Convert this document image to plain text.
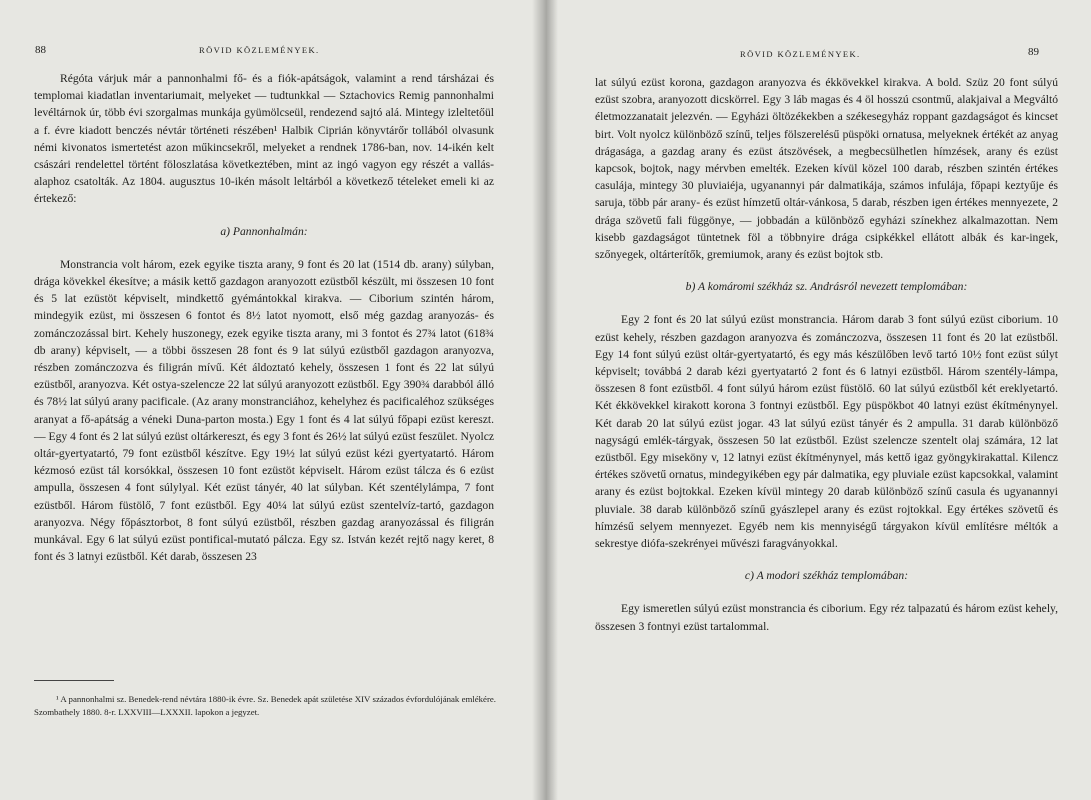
88	RÖVID KÖZLEMÉNYEK.

Régóta várjuk már a pannonhalmi fő- és a fiók-apátságok, valamint a rend társházai és templomai kiadatlan inventariumait, melyeket — tudtunkkal — Sztachovics Remig pannonhalmi levéltárnok úr, több évi szorgalmas munkája gyümölcseül, rendezend sajtó alá. Mintegy izleltetőül a f. évre kiadott benczés névtár történeti részében¹ Halbik Ciprián könyvtárőr tollából olvasunk némi kivonatos ismertetést azon műkincsekről, melyeket a rendnek 1786-ban, nov. 14-ikén kelt császári rendelettel történt föloszlatása következtében, mint az ingó vagyon egy részét a vallás-alaphoz csatolták. Az 1804. augusztus 10-ikén másolt leltárból a következő tételeket emeli ki az értekező:

a) Pannonhalmán:

Monstrancia volt három, ezek egyike tiszta arany, 9 font és 20 lat (1514 db. arany) súlyban, drága kövekkel ékesítve; a másik kettő gazdagon aranyozott ezüstből készült, mi összesen 10 font és 5 lat ezüstöt képviselt, mindkettő gyémántokkal kirakva. — Ciborium szintén három, mindegyik ezüst, mi összesen 6 fontot és 8½ latot nyomott, első még gazdag aranyozás- és zománczozással birt. Kehely huszonegy, ezek egyike tiszta arany, mi 3 fontot és 27¾ latot (618¾ db arany) képviselt, — a többi összesen 28 font és 9 lat súlyú ezüstből gazdagon aranyozva, részben zománczozva és filigrán mívű. Két áldoztató kehely, összesen 1 font és 22 lat súlyú ezüstből, aranyozva. Két ostya-szelencze 22 lat súlyú aranyozott ezüstből. Egy 390¾ darabból álló és 78½ lat súlyú arany pacificale. (Az arany monstranciához, kehelyhez és pacificaléhoz szükséges aranyat a fő-apátság a véneki Duna-parton mosta.) Egy 1 font és 4 lat súlyú főpapi ezüst kereszt. — Egy 4 font és 2 lat súlyú ezüst oltárkereszt, és egy 3 font és 26½ lat súlyú ezüst feszület. Nyolcz oltár-gyertyatartó, 79 font ezüstből készítve. Egy 19½ lat súlyú ezüst kézi gyertyatartó. Három kézmosó ezüst tál korsókkal, összesen 10 font ezüstöt képviselt. Három ezüst tálcza és 6 ezüst ampulla, összesen 4 font súlylyal. Két ezüst tányér, 40 lat súlyban. Két szentélylámpa, 7 font ezüstből. Három füstölő, 7 font ezüstből. Egy 40¼ lat súlyú ezüst szentelvíz-tartó, gazdagon aranyozva. Négy főpásztorbot, 8 font súlyú ezüstből, részben gazdag aranyozással és filigrán munkával. Egy 6 lat súlyú ezüst pontifical-mutató pálcza. Egy sz. István kezét rejtő nagy keret, 8 font és 3 latnyi ezüstből. Két darab, összesen 23

¹ A pannonhalmi sz. Benedek-rend névtára 1880-ik évre. Sz. Benedek apát születése XIV százados évfordulójának emlékére. Szombathely 1880. 8-r. LXXVIII—LXXXII. lapokon a jegyzet.

RÖVID KÖZLEMÉNYEK.	89

lat súlyú ezüst korona, gazdagon aranyozva és ékkövekkel kirakva. A bold. Szüz 20 font súlyú ezüst szobra, aranyozott dicskörrel. Egy 3 láb magas és 4 öl hosszú csontmű, alakjaival a Megváltó életmozzanatait jelezvén. — Egyházi öltözékekben a székesegyház roppant gazdagságot és kincset birt. Volt nyolcz különböző színű, teljes fölszerelésű püspöki ornatusa, melyeknek értékét az anyag drágasága, a gazdag arany és ezüst átszövések, a megbecsülhetlen hímzések, arany és ezüst kapcsok, bojtok, nagy mérvben emelték. Ezeken kívül közel 100 darab, részben szintén értékes casulája, mintegy 30 pluviaiéja, ugyanannyi pár dalmatikája, számos infulája, főpapi keztyűje és saruja, több pár arany- és ezüst hímzetű oltár-vánkosa, 5 darab, részben igen értékes mennyezete, 2 drága szövetű fali függönye, — jobbadán a különböző egyházi színekhez alkalmazottan. Nem kisebb gazdagságot tüntetnek föl a többnyire drága csipkékkel ellátott albák és kar-ingek, szőnyegek, oltárterítők, gremiumok, arany és ezüst bojtok stb.

b) A komáromi székház sz. Andrásról nevezett templomában:

Egy 2 font és 20 lat súlyú ezüst monstrancia. Három darab 3 font súlyú ezüst ciborium. 10 ezüst kehely, részben gazdagon aranyozva és zománczozva, összesen 11 font és 20 lat ezüstből. Egy 14 font súlyú ezüst oltár-gyertyatartó, és egy más készülőben levő tartó 10½ font ezüst súlyt képviselt; továbbá 2 darab kézi gyertyatartó 2 font és 6 latnyi ezüstből. Három szentély-lámpa, összesen 8 font ezüstből. 4 font súlyú három ezüst füstölő. 60 lat súlyú ezüstből két ereklyetartó. Két ékkövekkel kirakott korona 3 fontnyi ezüstből. Egy püspökbot 40 latnyi ezüst ékítménynyel. Két darab 20 lat súlyú ezüst jogar. 43 lat súlyú ezüst tányér és 2 ampulla. 31 darab különböző nagyságú emlék-tárgyak, összesen 50 lat ezüstből. Ezüst szelencze szentelt olaj számára, 12 lat ezüstből. Egy miseköny v, 12 latnyi ezüst ékítménynyel, más kettő igaz gyöngykirakattal. Kilencz értékes szövetű ornatus, mindegyikében egy pár dalmatika, egy pluviale ezüst kapcsokkal, valamint arany és ezüst bojtokkal. Ezeken kívül mintegy 20 darab különböző színű casula és ugyanannyi pluviale. 38 darab különböző színű gyászlepel arany és ezüst rojtokkal. Egy értékes szövetű és hímzésű selyem mennyezet. Egyéb nem kis mennyiségű tárgyakon kívül említésre méltók a sekrestye diófa-szekrényei művészi faragványokkal.

c) A modori székház templomában:

Egy ismeretlen súlyú ezüst monstrancia és ciborium. Egy réz talpazatú és három ezüst kehely, összesen 3 fontnyi ezüst tartalommal.
